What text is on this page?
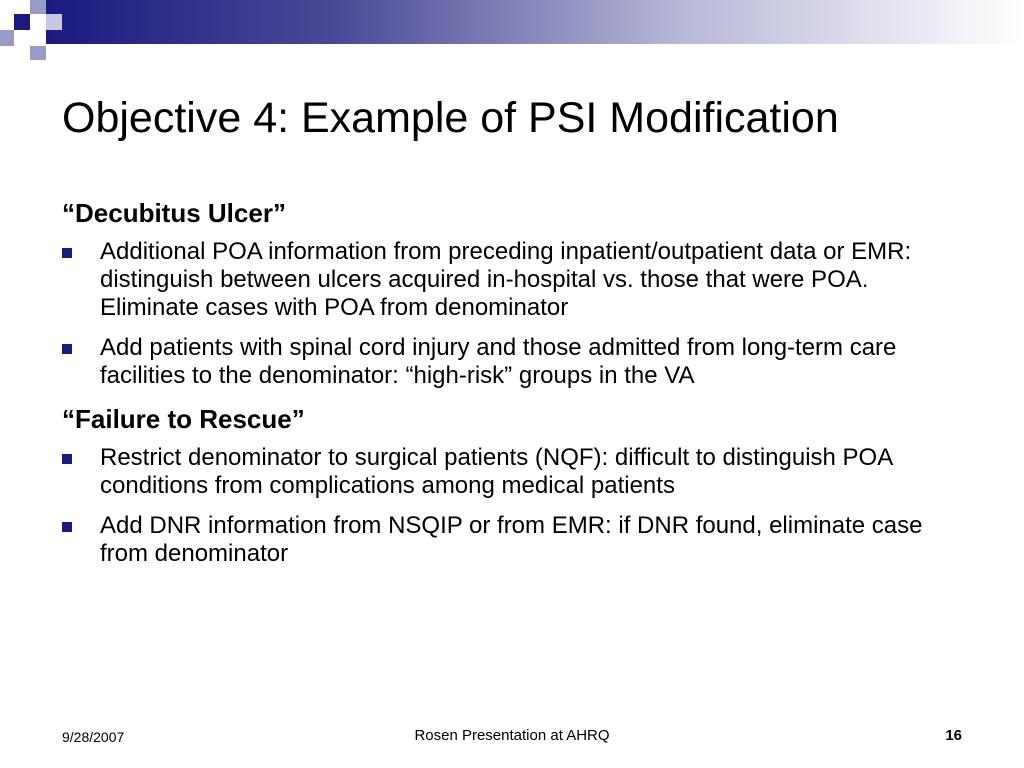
Objective 4: Example of PSI Modification
“Decubitus Ulcer”
Additional POA information from preceding inpatient/outpatient data or EMR: distinguish between ulcers acquired in-hospital vs. those that were POA. Eliminate cases with POA from denominator
Add patients with spinal cord injury and those admitted from long-term care facilities to the denominator: “high-risk” groups in the VA
“Failure to Rescue”
Restrict denominator to surgical patients (NQF): difficult to distinguish POA conditions from complications among medical patients
Add DNR information from NSQIP or from EMR: if DNR found, eliminate case from denominator
9/28/2007	Rosen Presentation at AHRQ	16
